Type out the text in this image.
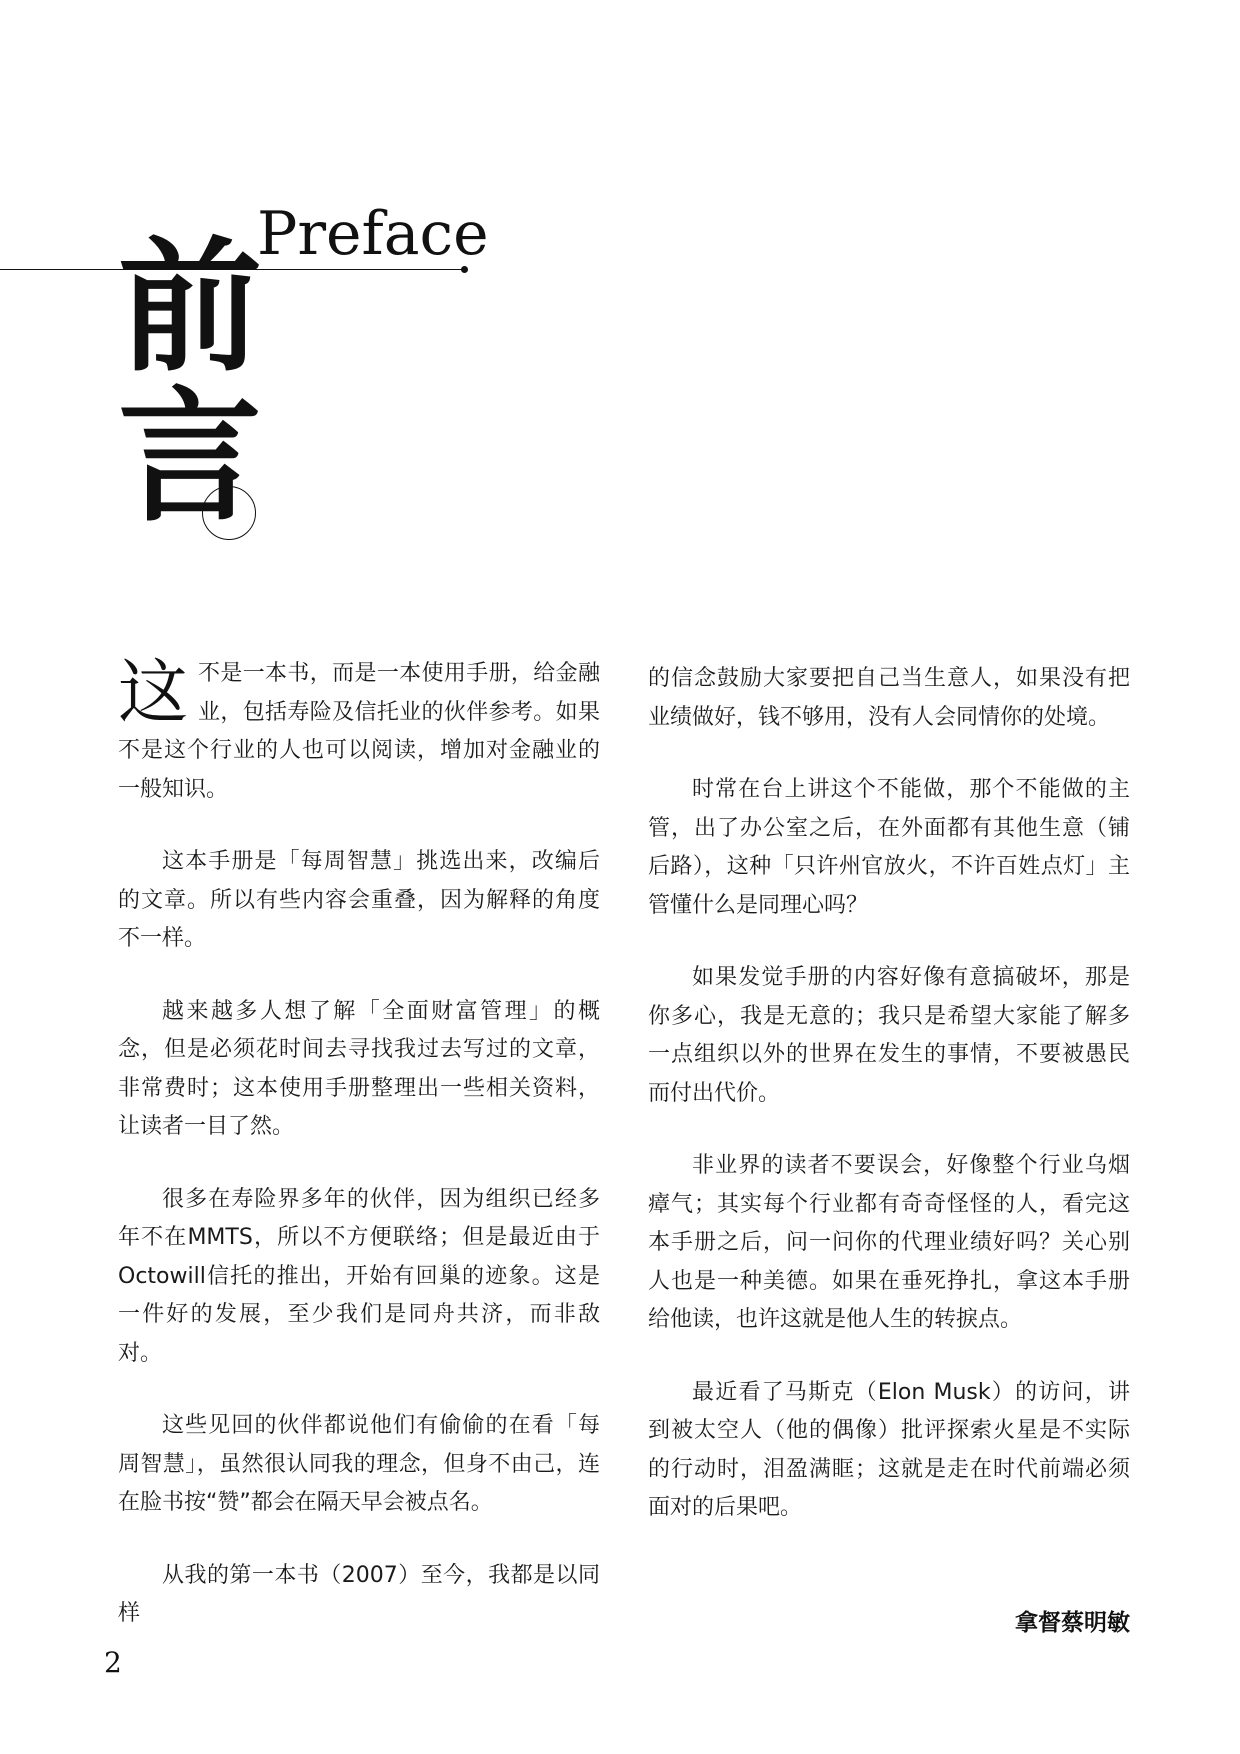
Preface
前
言

这不是一本书，而是一本使用手册，给金融业，包括寿险及信托业的伙伴参考。如果不是这个行业的人也可以阅读，增加对金融业的一般知识。

这本手册是「每周智慧」挑选出来，改编后的文章。所以有些内容会重叠，因为解释的角度不一样。

越来越多人想了解「全面财富管理」的概念，但是必须花时间去寻找我过去写过的文章，非常费时；这本使用手册整理出一些相关资料，让读者一目了然。

很多在寿险界多年的伙伴，因为组织已经多年不在MMTS，所以不方便联络；但是最近由于Octowill信托的推出，开始有回巢的迹象。这是一件好的发展，至少我们是同舟共济，而非敌对。

这些见回的伙伴都说他们有偷偷的在看「每周智慧」，虽然很认同我的理念，但身不由己，连在脸书按“赞”都会在隔天早会被点名。

从我的第一本书（2007）至今，我都是以同样

的信念鼓励大家要把自己当生意人，如果没有把业绩做好，钱不够用，没有人会同情你的处境。

时常在台上讲这个不能做，那个不能做的主管，出了办公室之后，在外面都有其他生意（铺后路），这种「只许州官放火，不许百姓点灯」主管懂什么是同理心吗？

如果发觉手册的内容好像有意搞破坏，那是你多心，我是无意的；我只是希望大家能了解多一点组织以外的世界在发生的事情，不要被愚民而付出代价。

非业界的读者不要误会，好像整个行业乌烟瘴气；其实每个行业都有奇奇怪怪的人，看完这本手册之后，问一问你的代理业绩好吗？关心别人也是一种美德。如果在垂死挣扎，拿这本手册给他读，也许这就是他人生的转捩点。

最近看了马斯克（Elon Musk）的访问，讲到被太空人（他的偶像）批评探索火星是不实际的行动时，泪盈满眶；这就是走在时代前端必须面对的后果吧。

拿督蔡明敏
2
